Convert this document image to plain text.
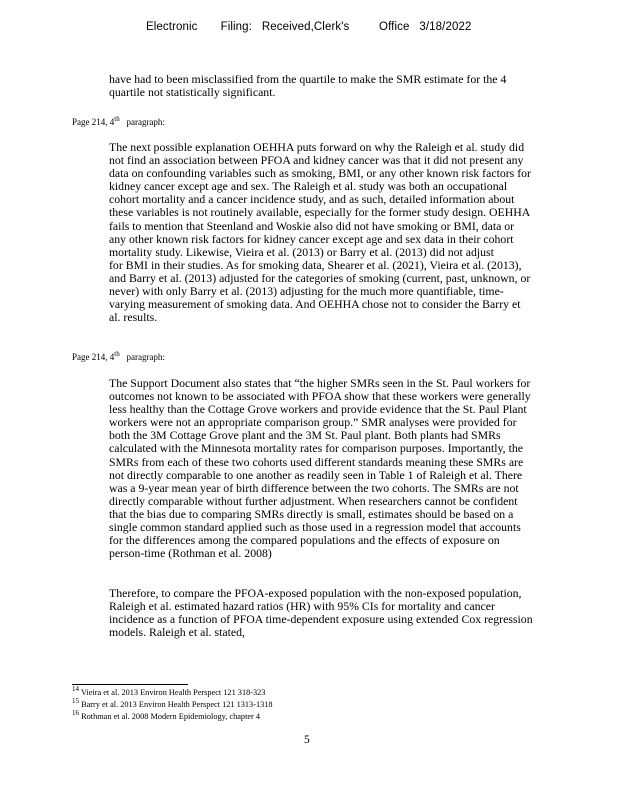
Electronic Filing: Received,Clerk's	Office 3/18/2022
have had to been misclassified from the quartile to make the SMR estimate for the 4
quartile not statistically significant.
Page 214, 4th paragraph:
The next possible explanation OEHHA puts forward on why the Raleigh et al. study did
not find an association between PFOA and kidney cancer was that it did not present any
data on confounding variables such as smoking, BMI, or any other known risk factors for
kidney cancer except age and sex. The Raleigh et al. study was both an occupational
cohort mortality and a cancer incidence study, and as such, detailed information about
these variables is not routinely available, especially for the former study design. OEHHA
fails to mention that Steenland and Woskie also did not have smoking or BMI, data or
any other known risk factors for kidney cancer except age and sex data in their cohort
mortality study. Likewise, Vieira et al. (2013) or Barry et al. (2013) did not adjust
for BMI in their studies. As for smoking data, Shearer et al. (2021), Vieira et al. (2013),
and Barry et al. (2013) adjusted for the categories of smoking (current, past, unknown, or
never) with only Barry et al. (2013) adjusting for the much more quantifiable, time-
varying measurement of smoking data. And OEHHA chose not to consider the Barry et
al. results.
Page 214, 4th paragraph:
The Support Document also states that “the higher SMRs seen in the St. Paul workers for
outcomes not known to be associated with PFOA show that these workers were generally
less healthy than the Cottage Grove workers and provide evidence that the St. Paul Plant
workers were not an appropriate comparison group.” SMR analyses were provided for
both the 3M Cottage Grove plant and the 3M St. Paul plant. Both plants had SMRs
calculated with the Minnesota mortality rates for comparison purposes. Importantly, the
SMRs from each of these two cohorts used different standards meaning these SMRs are
not directly comparable to one another as readily seen in Table 1 of Raleigh et al. There
was a 9-year mean year of birth difference between the two cohorts. The SMRs are not
directly comparable without further adjustment. When researchers cannot be confident
that the bias due to comparing SMRs directly is small, estimates should be based on a
single common standard applied such as those used in a regression model that accounts
for the differences among the compared populations and the effects of exposure on
person-time (Rothman et al. 2008)
Therefore, to compare the PFOA-exposed population with the non-exposed population,
Raleigh et al. estimated hazard ratios (HR) with 95% CIs for mortality and cancer
incidence as a function of PFOA time-dependent exposure using extended Cox regression
models. Raleigh et al. stated,
$^{14}$ Vieira et al. 2013 Environ Health Perspect 121 318-323
$^{15}$ Barry et al. 2013 Environ Health Perspect 121 1313-1318
$^{16}$ Rothman et al. 2008 Modern Epidemiology, chapter 4
5
